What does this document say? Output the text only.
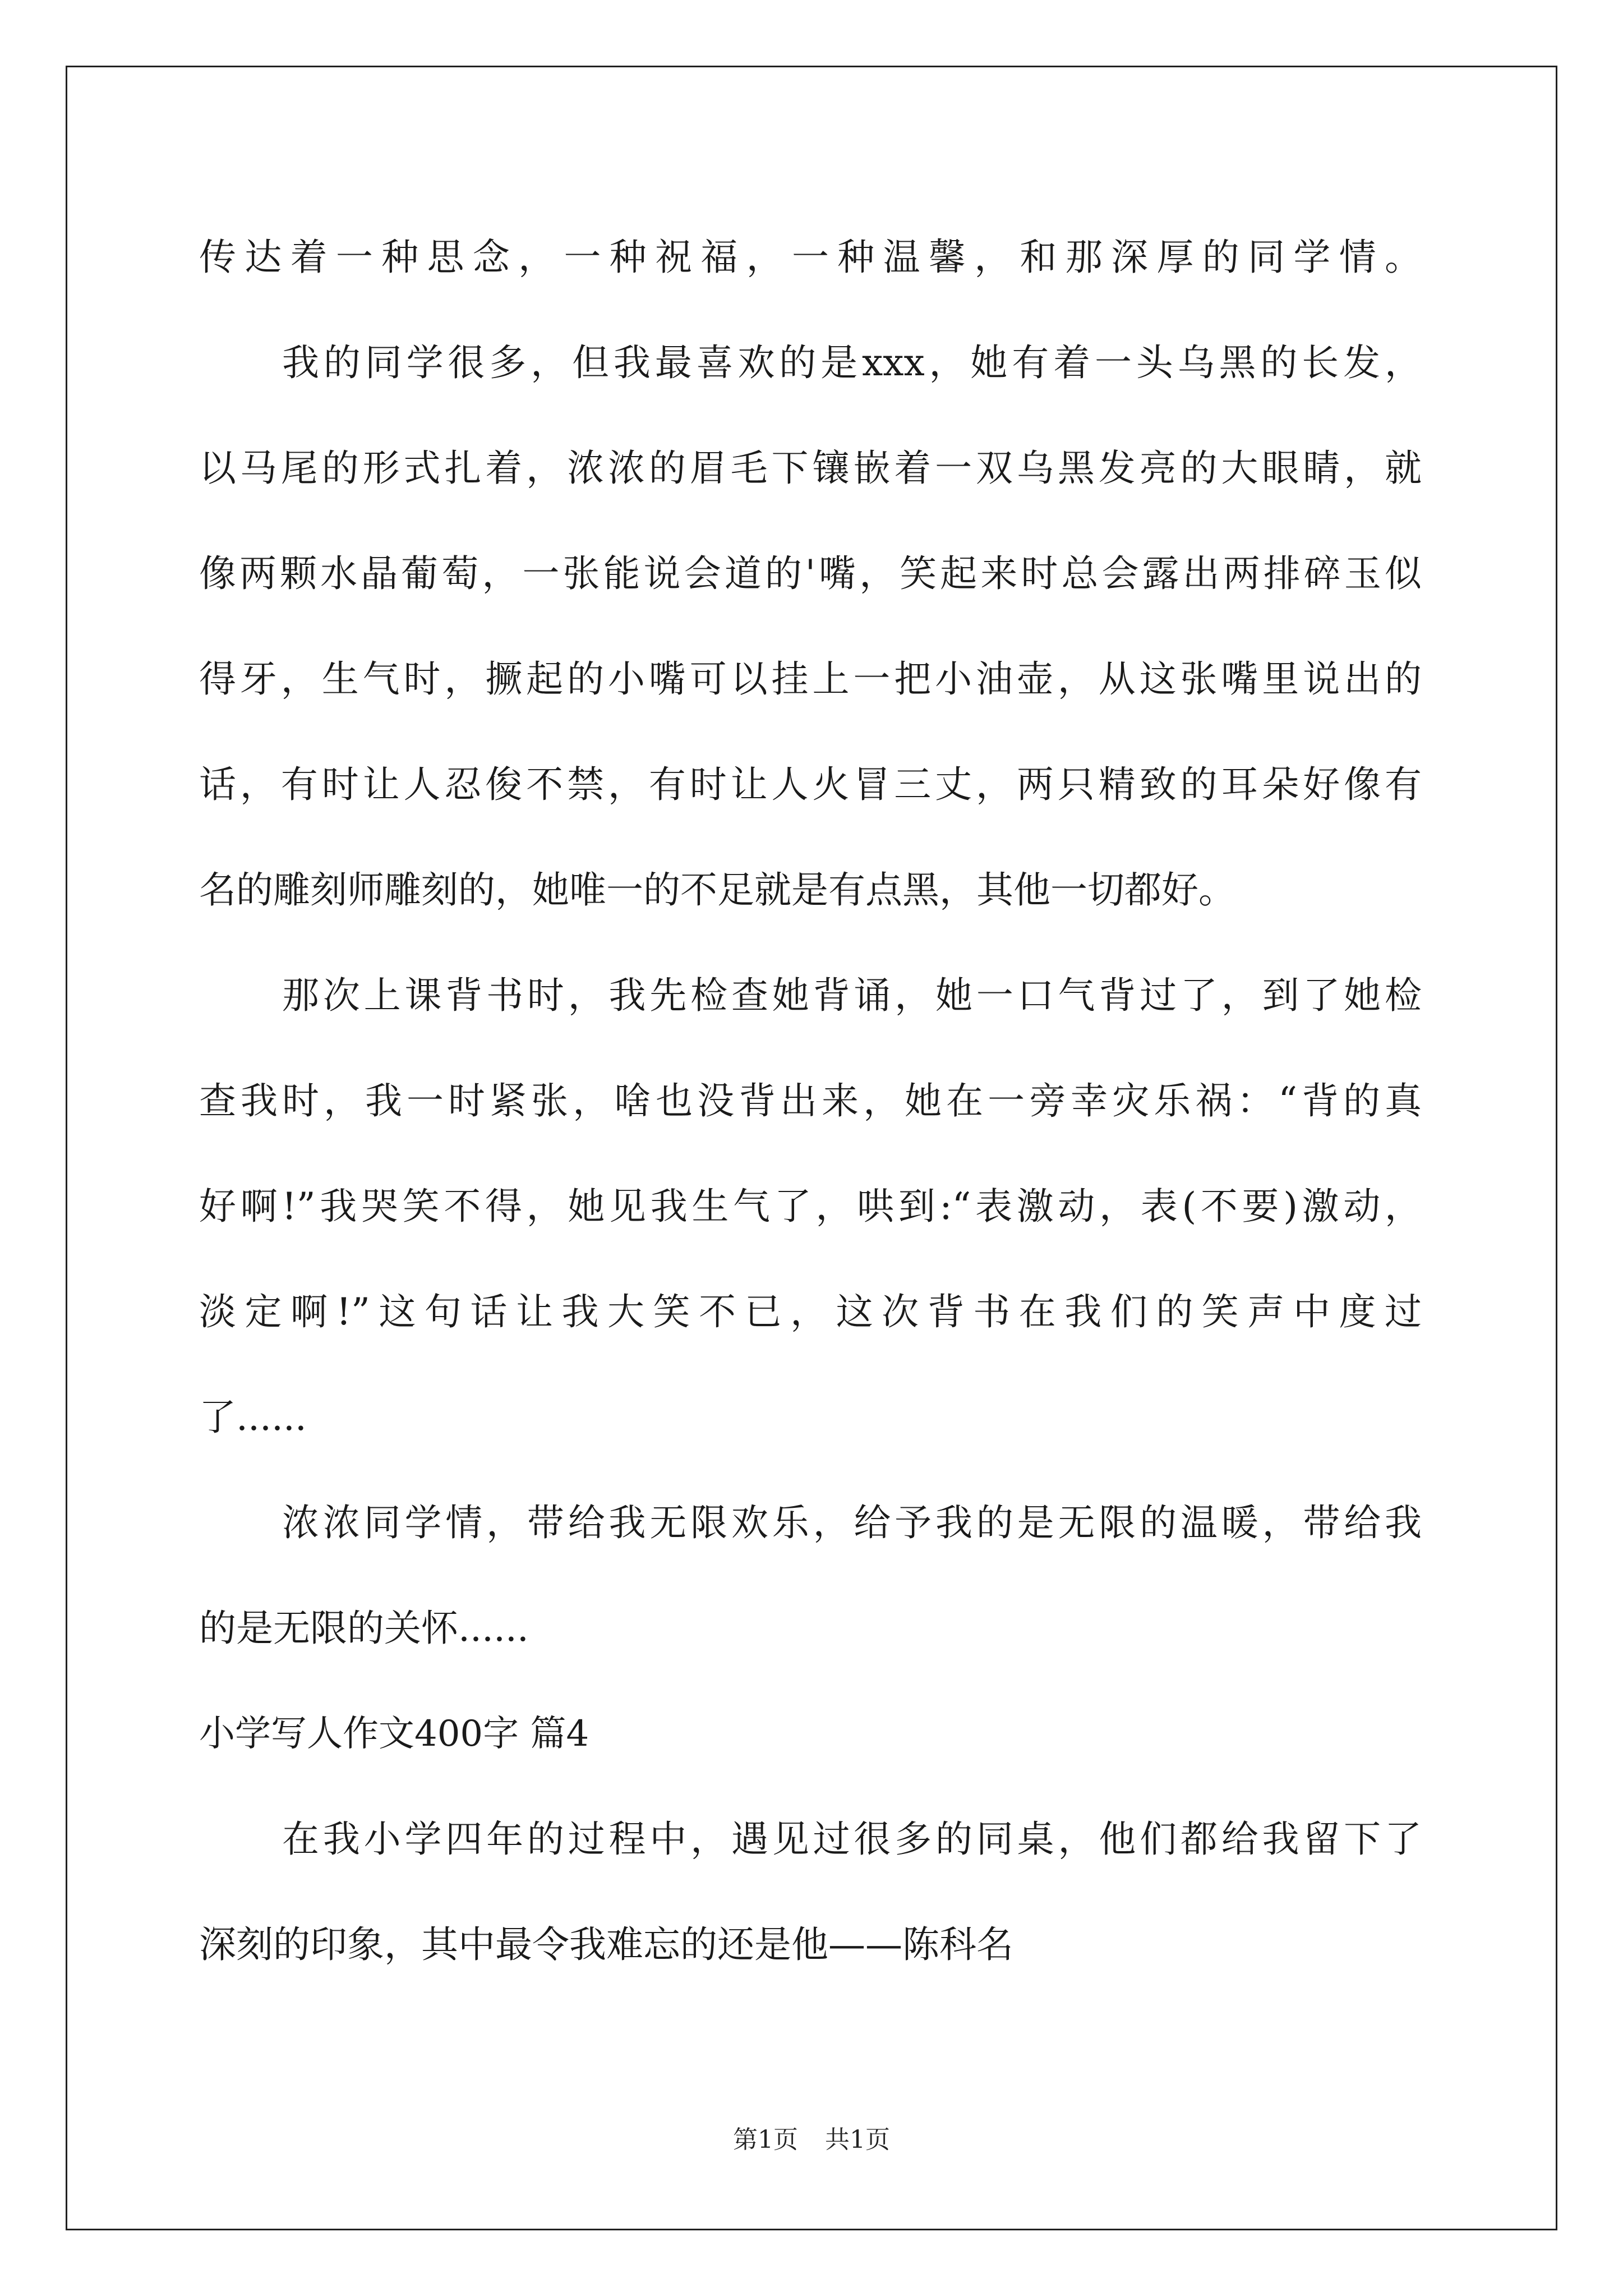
传达着一种思念，一种祝福，一种温馨，和那深厚的同学情。
我的同学很多，但我最喜欢的是xxx，她有着一头乌黑的长发，
以马尾的形式扎着，浓浓的眉毛下镶嵌着一双乌黑发亮的大眼睛，就
像两颗水晶葡萄，一张能说会道的'嘴，笑起来时总会露出两排碎玉似
得牙，生气时，撅起的小嘴可以挂上一把小油壶，从这张嘴里说出的
话，有时让人忍俊不禁，有时让人火冒三丈，两只精致的耳朵好像有
名的雕刻师雕刻的，她唯一的不足就是有点黑，其他一切都好。
那次上课背书时，我先检查她背诵，她一口气背过了，到了她检
查我时，我一时紧张，啥也没背出来，她在一旁幸灾乐祸：“背的真
好啊!”我哭笑不得，她见我生气了，哄到:“表激动，表(不要)激动，
淡定啊!”这句话让我大笑不已，这次背书在我们的笑声中度过
了......
浓浓同学情，带给我无限欢乐，给予我的是无限的温暖，带给我
的是无限的关怀......
小学写人作文400字 篇4
在我小学四年的过程中，遇见过很多的同桌，他们都给我留下了
深刻的印象，其中最令我难忘的还是他——陈科名
第1页 共1页
